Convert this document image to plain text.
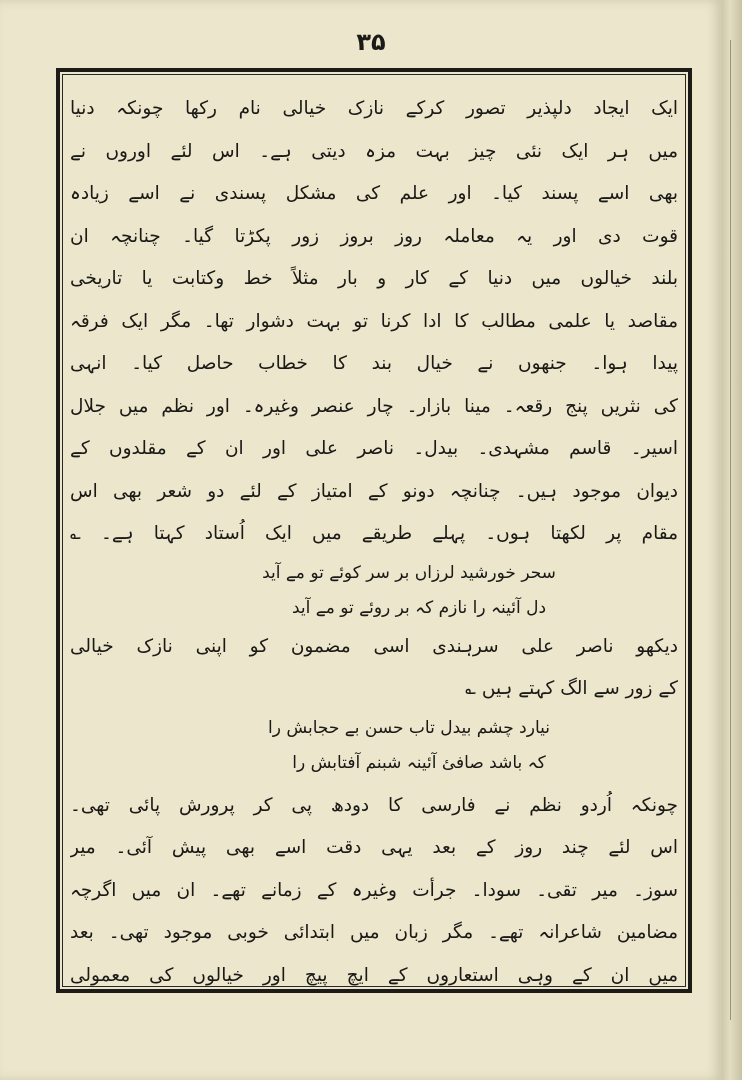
۳۵
ایک ایجاد دلپذیر تصور کرکے نازک خیالی نام رکھا چونکہ دنیا
میں ہر ایک نئی چیز بہت مزہ دیتی ہے۔ اس لئے اوروں نے
بھی اسے پسند کیا۔ اور علم کی مشکل پسندی نے اسے زیادہ
قوت دی اور یہ معاملہ روز بروز زور پکڑتا گیا۔ چنانچہ ان
بلند خیالوں میں دنیا کے کار و بار مثلاً خط وکتابت یا تاریخی
مقاصد یا علمی مطالب کا ادا کرنا تو بہت دشوار تھا۔ مگر ایک فرقہ
پیدا ہوا۔ جنھوں نے خیال بند کا خطاب حاصل کیا۔ انہی
کی نثریں پنج رقعہ۔ مینا بازار۔ چار عنصر وغیرہ۔ اور نظم میں جلال
اسیر۔ قاسم مشہدی۔ بیدل۔ ناصر علی اور ان کے مقلدوں کے
دیوان موجود ہیں۔ چنانچہ دونو کے امتیاز کے لئے دو شعر بھی اس
مقام پر لکھتا ہوں۔ پہلے طریقے میں ایک اُستاد کہتا ہے۔ ؎
سحر خورشید لرزاں بر سر کوئے تو مے آید
دل آئینہ را نازم کہ بر روئے تو مے آید
دیکھو ناصر علی سرہندی اسی مضمون کو اپنی نازک خیالی
کے زور سے الگ کہتے ہیں ؎
نیارد چشم بیدل تاب حسن بے حجابش را
کہ باشد صافئ آئینہ شبنم آفتابش را
چونکہ اُردو نظم نے فارسی کا دودھ پی کر پرورش پائی تھی۔
اس لئے چند روز کے بعد یہی دقت اسے بھی پیش آئی۔ میر
سوز۔ میر تقی۔ سودا۔ جرأت وغیرہ کے زمانے تھے۔ ان میں اگرچہ
مضامین شاعرانہ تھے۔ مگر زبان میں ابتدائی خوبی موجود تھی۔ بعد
میں ان کے وہی استعاروں کے ایچ پیچ اور خیالوں کی معمولی
